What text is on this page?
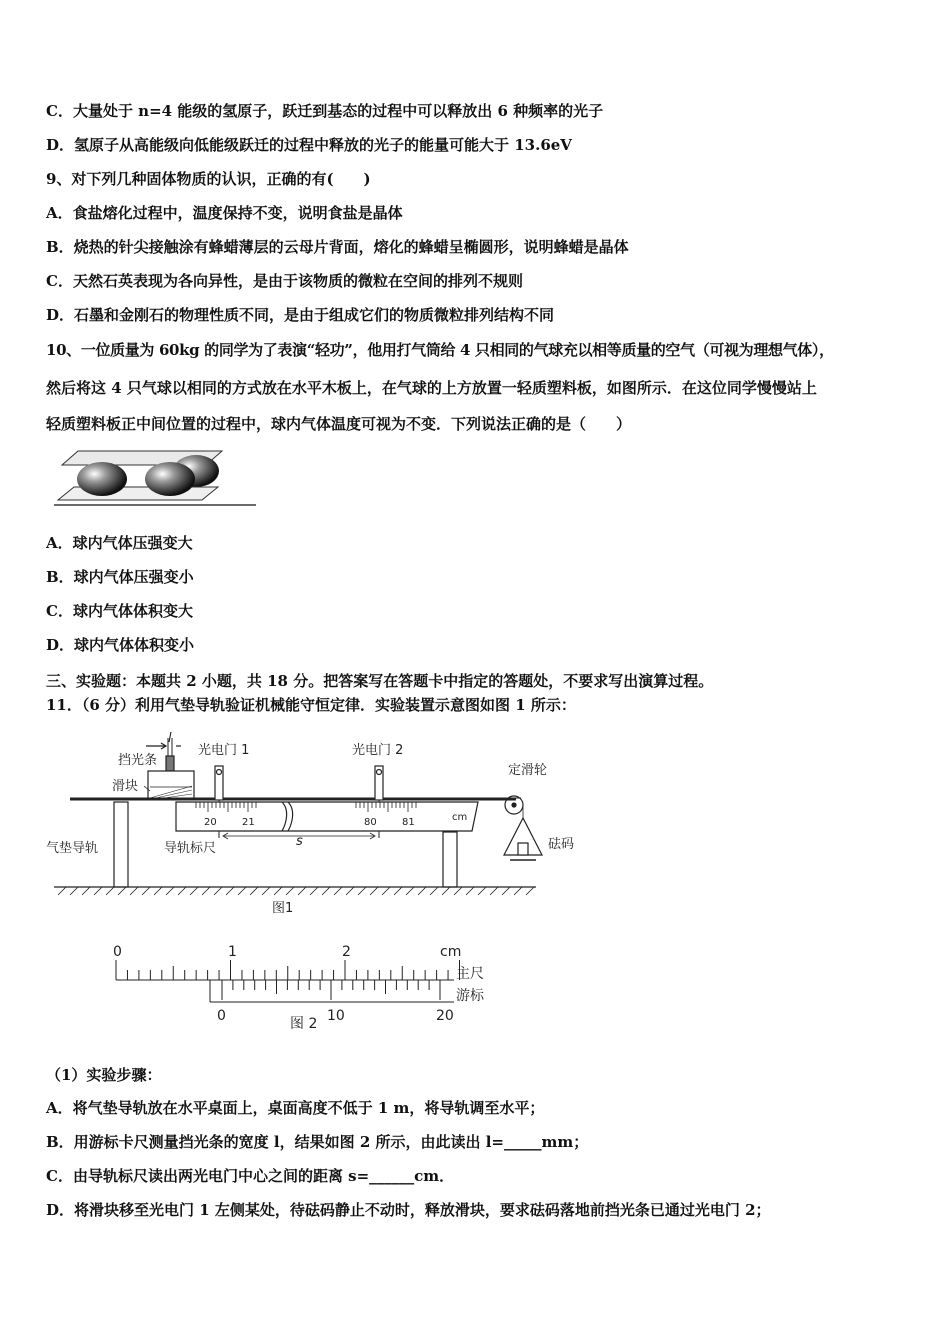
C．大量处于 n=4 能级的氢原子，跃迁到基态的过程中可以释放出 6 种频率的光子
D．氢原子从高能级向低能级跃迁的过程中释放的光子的能量可能大于 13.6eV
9、对下列几种固体物质的认识，正确的有(　　)
A．食盐熔化过程中，温度保持不变，说明食盐是晶体
B．烧热的针尖接触涂有蜂蜡薄层的云母片背面，熔化的蜂蜡呈椭圆形，说明蜂蜡是晶体
C．天然石英表现为各向异性，是由于该物质的微粒在空间的排列不规则
D．石墨和金刚石的物理性质不同，是由于组成它们的物质微粒排列结构不同
10、一位质量为 60kg 的同学为了表演“轻功”，他用打气筒给 4 只相同的气球充以相等质量的空气（可视为理想气体），
然后将这 4 只气球以相同的方式放在水平木板上，在气球的上方放置一轻质塑料板，如图所示．在这位同学慢慢站上
轻质塑料板正中间位置的过程中，球内气体温度可视为不变．下列说法正确的是（　　）
A．球内气体压强变大
B．球内气体压强变小
C．球内气体体积变大
D．球内气体体积变小
三、实验题：本题共 2 小题，共 18 分。把答案写在答题卡中指定的答题处，不要求写出演算过程。
11．（6 分）利用气垫导轨验证机械能守恒定律．实验装置示意图如图 1 所示：
挡光条
滑块
光电门 1	光电门 2
定滑轮
气垫导轨	导轨标尺	砝码
l
20	21	80	81	cm
s
图1
0	1	2	cm
主尺
游标
0	10	20
图 2
（1）实验步骤：
A．将气垫导轨放在水平桌面上，桌面高度不低于 1 m，将导轨调至水平；
B．用游标卡尺测量挡光条的宽度 l，结果如图 2 所示，由此读出 l=_____mm；
C．由导轨标尺读出两光电门中心之间的距离 s=______cm．
D．将滑块移至光电门 1 左侧某处，待砝码静止不动时，释放滑块，要求砝码落地前挡光条已通过光电门 2；
